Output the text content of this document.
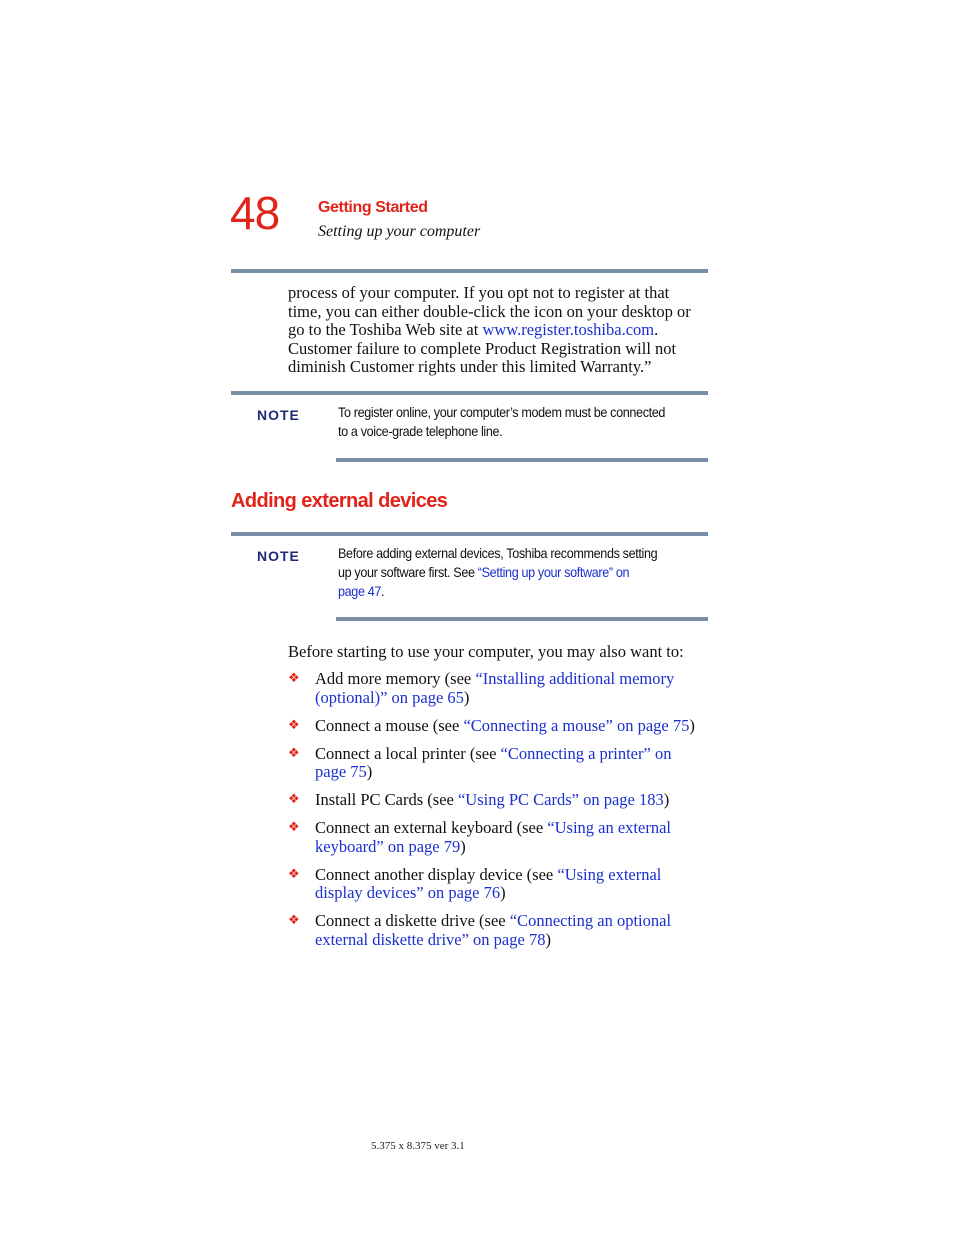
48 Getting Started
Setting up your computer
process of your computer. If you opt not to register at that
time, you can either double-click the icon on your desktop or
go to the Toshiba Web site at www.register.toshiba.com.
Customer failure to complete Product Registration will not
diminish Customer rights under this limited Warranty.”
NOTE	To register online, your computer’s modem must be connected
to a voice-grade telephone line.
Adding external devices
NOTE	Before adding external devices, Toshiba recommends setting
up your software first. See “Setting up your software” on
page 47.
Before starting to use your computer, you may also want to:
❖ Add more memory (see “Installing additional memory
(optional)” on page 65)
❖ Connect a mouse (see “Connecting a mouse” on page 75)
❖ Connect a local printer (see “Connecting a printer” on
page 75)
❖ Install PC Cards (see “Using PC Cards” on page 183)
❖ Connect an external keyboard (see “Using an external
keyboard” on page 79)
❖ Connect another display device (see “Using external
display devices” on page 76)
❖ Connect a diskette drive (see “Connecting an optional
external diskette drive” on page 78)
5.375 x 8.375 ver 3.1
